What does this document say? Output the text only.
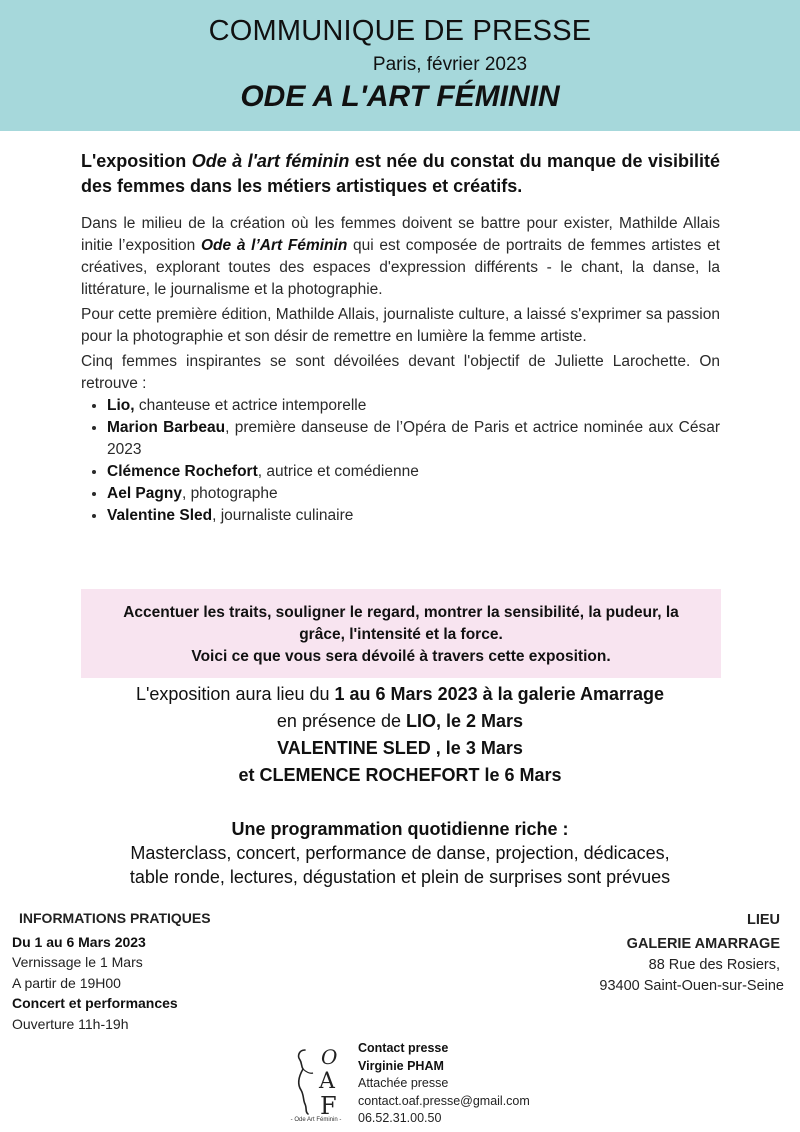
COMMUNIQUE DE PRESSE
Paris, février 2023
ODE A L'ART FÉMININ
L'exposition Ode à l'art féminin est née du constat du manque de visibilité des femmes dans les métiers artistiques et créatifs.

Dans le milieu de la création où les femmes doivent se battre pour exister, Mathilde Allais initie l’exposition Ode à l’Art Féminin qui est composée de portraits de femmes artistes et créatives, explorant toutes des espaces d'expression différents - le chant, la danse, la littérature, le journalisme et la photographie.

Pour cette première édition, Mathilde Allais, journaliste culture, a laissé s'exprimer sa passion pour la photographie et son désir de remettre en lumière la femme artiste.

Cinq femmes inspirantes se sont dévoilées devant l'objectif de Juliette Larochette. On retrouve :

• Lio, chanteuse et actrice intemporelle
• Marion Barbeau, première danseuse de l’Opéra de Paris et actrice nominée aux César 2023
• Clémence Rochefort, autrice et comédienne
• Ael Pagny, photographe
• Valentine Sled, journaliste culinaire
Accentuer les traits, souligner le regard, montrer la sensibilité, la pudeur, la
grâce, l'intensité et la force.
Voici ce que vous sera dévoilé à travers cette exposition.
L'exposition aura lieu du 1 au 6 Mars 2023 à la galerie Amarrage
en présence de LIO, le 2 Mars
VALENTINE SLED , le 3 Mars
et CLEMENCE ROCHEFORT le 6 Mars
Une programmation quotidienne riche :
Masterclass, concert, performance de danse, projection, dédicaces,
table ronde, lectures, dégustation et plein de surprises sont prévues
INFORMATIONS PRATIQUES
Du 1 au 6 Mars 2023
Vernissage le 1 Mars
A partir de 19H00
Concert et performances
Ouverture 11h-19h
LIEU
GALERIE AMARRAGE
88 Rue des Rosiers,
93400 Saint-Ouen-sur-Seine
O
A
F
- Ode Art Féminin -
Contact presse
Virginie PHAM
Attachée presse
contact.oaf.presse@gmail.com
06.52.31.00.50
